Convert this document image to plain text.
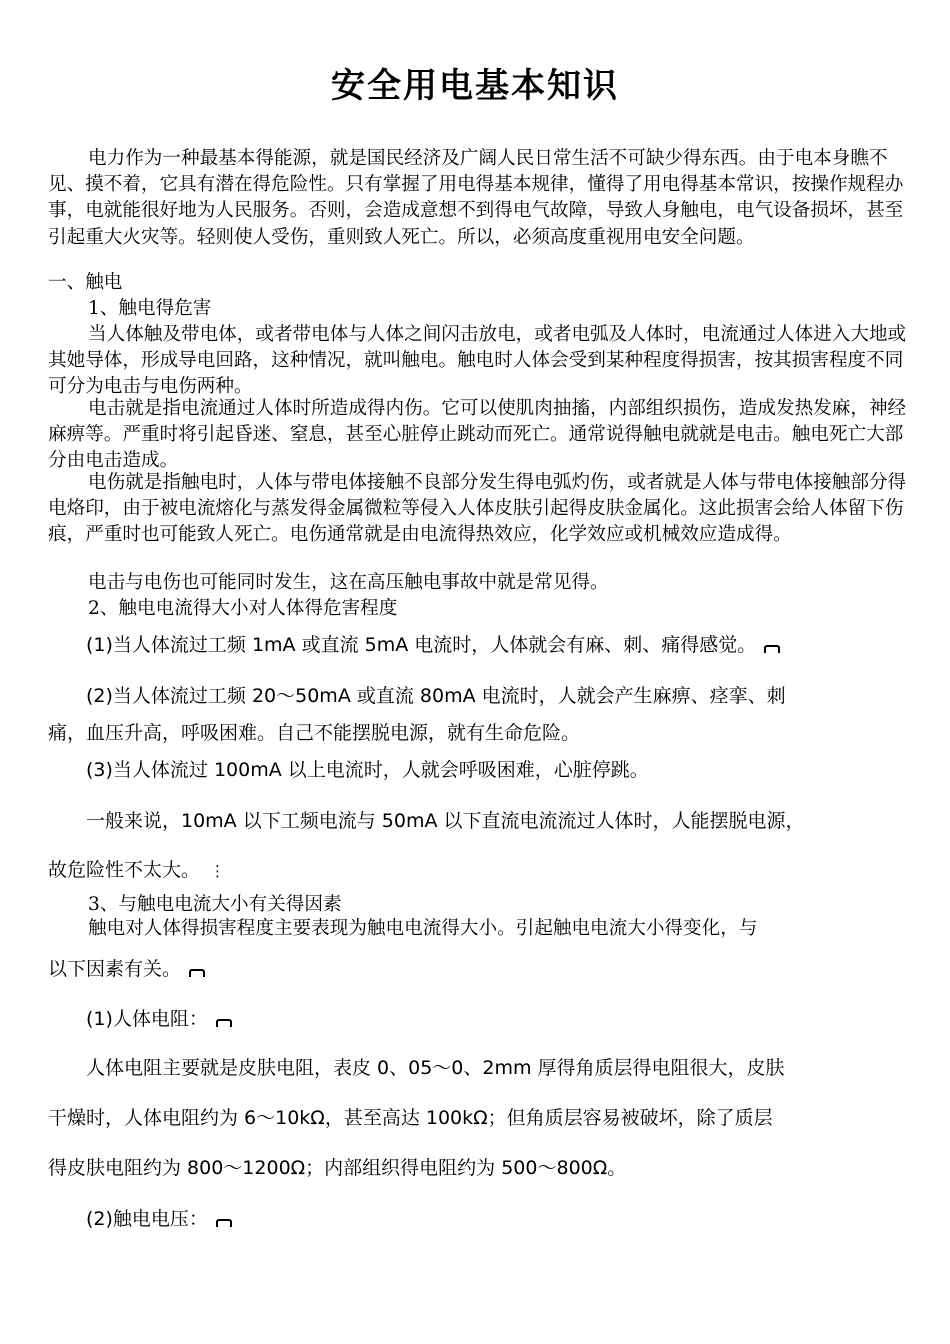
安全用电基本知识

电力作为一种最基本得能源，就是国民经济及广阔人民日常生活不可缺少得东西。由于电本身瞧不见、摸不着，它具有潜在得危险性。只有掌握了用电得基本规律，懂得了用电得基本常识，按操作规程办事，电就能很好地为人民服务。否则，会造成意想不到得电气故障，导致人身触电，电气设备损坏，甚至引起重大火灾等。轻则使人受伤，重则致人死亡。所以，必须高度重视用电安全问题。

一、触电

1、触电得危害

当人体触及带电体，或者带电体与人体之间闪击放电，或者电弧及人体时，电流通过人体进入大地或其她导体，形成导电回路，这种情况，就叫触电。触电时人体会受到某种程度得损害，按其损害程度不同可分为电击与电伤两种。

电击就是指电流通过人体时所造成得内伤。它可以使肌肉抽搐，内部组织损伤，造成发热发麻，神经麻痹等。严重时将引起昏迷、窒息，甚至心脏停止跳动而死亡。通常说得触电就就是电击。触电死亡大部分由电击造成。

电伤就是指触电时，人体与带电体接触不良部分发生得电弧灼伤，或者就是人体与带电体接触部分得电烙印，由于被电流熔化与蒸发得金属微粒等侵入人体皮肤引起得皮肤金属化。这此损害会给人体留下伤痕，严重时也可能致人死亡。电伤通常就是由电流得热效应，化学效应或机械效应造成得。

电击与电伤也可能同时发生，这在高压触电事故中就是常见得。

2、触电电流得大小对人体得危害程度

(1)当人体流过工频 1mA 或直流 5mA 电流时，人体就会有麻、刺、痛得感觉。
(2)当人体流过工频 20～50mA 或直流 80mA 电流时，人就会产生麻痹、痉挛、刺
痛，血压升高，呼吸困难。自己不能摆脱电源，就有生命危险。
(3)当人体流过 100mA 以上电流时，人就会呼吸困难，心脏停跳。
一般来说，10mA 以下工频电流与 50mA 以下直流电流流过人体时，人能摆脱电源，
故危险性不太大。 ⋮

3、与触电电流大小有关得因素

触电对人体得损害程度主要表现为触电电流得大小。引起触电电流大小得变化，与

以下因素有关。
(1)人体电阻：
人体电阻主要就是皮肤电阻，表皮 0、05～0、2mm 厚得角质层得电阻很大，皮肤
干燥时，人体电阻约为 6～10kΩ，甚至高达 100kΩ；但角质层容易被破坏，除了质层
得皮肤电阻约为 800～1200Ω；内部组织得电阻约为 500～800Ω。
(2)触电电压：
